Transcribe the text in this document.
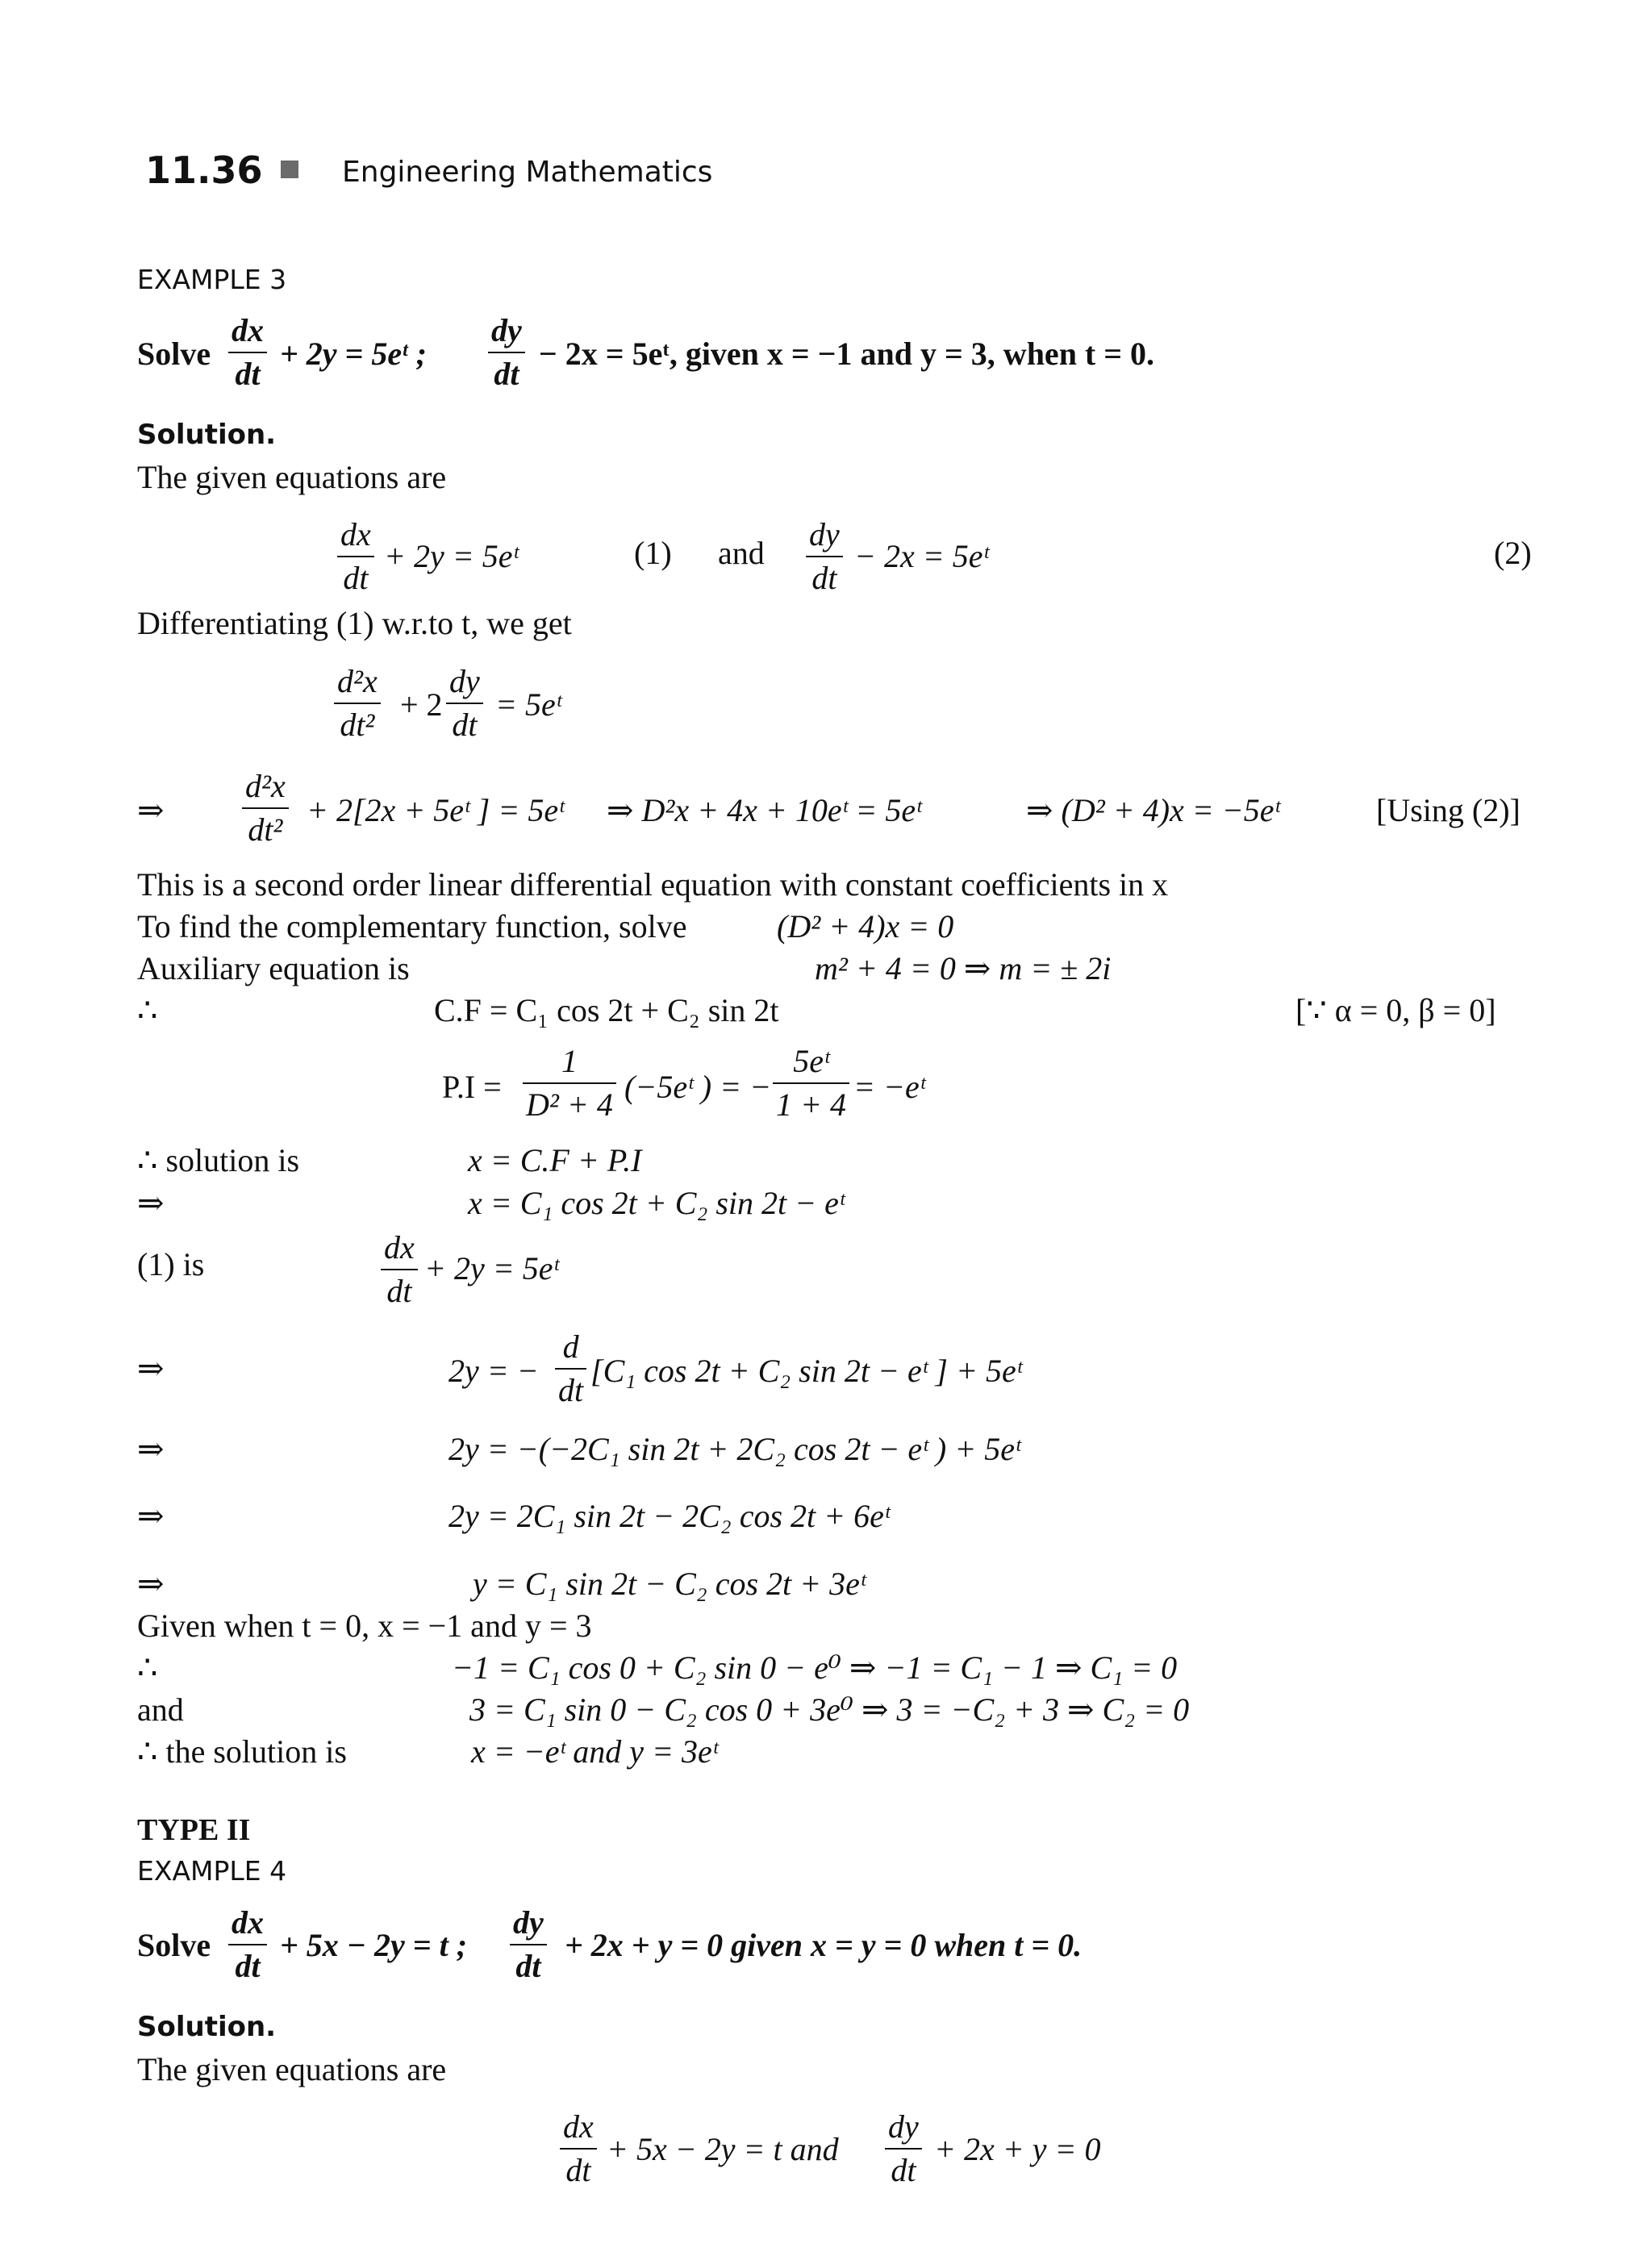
11.36	Engineering Mathematics
EXAMPLE 3
Solve
dx
dt
+ 2y = 5eᵗ ;
dy
dt
− 2x = 5eᵗ, given x = −1 and y = 3, when t = 0.
Solution.
The given equations are
dx
dt
+ 2y = 5eᵗ	(1) and
dy
dt
− 2x = 5eᵗ	(2)
Differentiating (1) w.r.to t, we get
d²x
dt²
+ 2
dy
dt
= 5eᵗ
⇒
d²x
dt²
+ 2[2x + 5eᵗ ] = 5eᵗ ⇒ D²x + 4x + 10eᵗ = 5eᵗ	⇒ (D² + 4)x = −5eᵗ	[Using (2)]
This is a second order linear differential equation with constant coefficients in x
To find the complementary function, solve	(D² + 4)x = 0
Auxiliary equation is	m² + 4 = 0 ⇒ m = ± 2i
∴	C.F = C₁ cos 2t + C₂ sin 2t	[∵ α = 0, β = 0]
P.I =
1
D² + 4 (−5eᵗ ) = −
5eᵗ
1 + 4 = −eᵗ
∴ solution is	x = C.F + P.I
⇒	x = C₁ cos 2t + C₂ sin 2t − eᵗ
(1) is	dx
dt
+ 2y = 5eᵗ
⇒	2y = −
d
dt
[C₁ cos 2t + C₂ sin 2t − eᵗ ] + 5eᵗ
⇒	2y = −(−2C₁ sin 2t + 2C₂ cos 2t − eᵗ ) + 5eᵗ
⇒	2y = 2C₁ sin 2t − 2C₂ cos 2t + 6eᵗ
⇒	y = C₁ sin 2t − C₂ cos 2t + 3eᵗ
Given when t = 0, x = −1 and y = 3
∴	−1 = C₁ cos 0 + C₂ sin 0 − e⁰ ⇒ −1 = C₁ − 1 ⇒ C₁ = 0
and	3 = C₁ sin 0 − C₂ cos 0 + 3e⁰ ⇒ 3 = −C₂ + 3 ⇒ C₂ = 0
∴ the solution is	x = −eᵗ and y = 3eᵗ
TYPE II
EXAMPLE 4
Solve
dx
dt
+ 5x − 2y = t ;
dy
dt
+ 2x + y = 0 given x = y = 0 when t = 0.
Solution.
The given equations are
dx
dt
+ 5x − 2y = t and
dy
dt
+ 2x + y = 0
